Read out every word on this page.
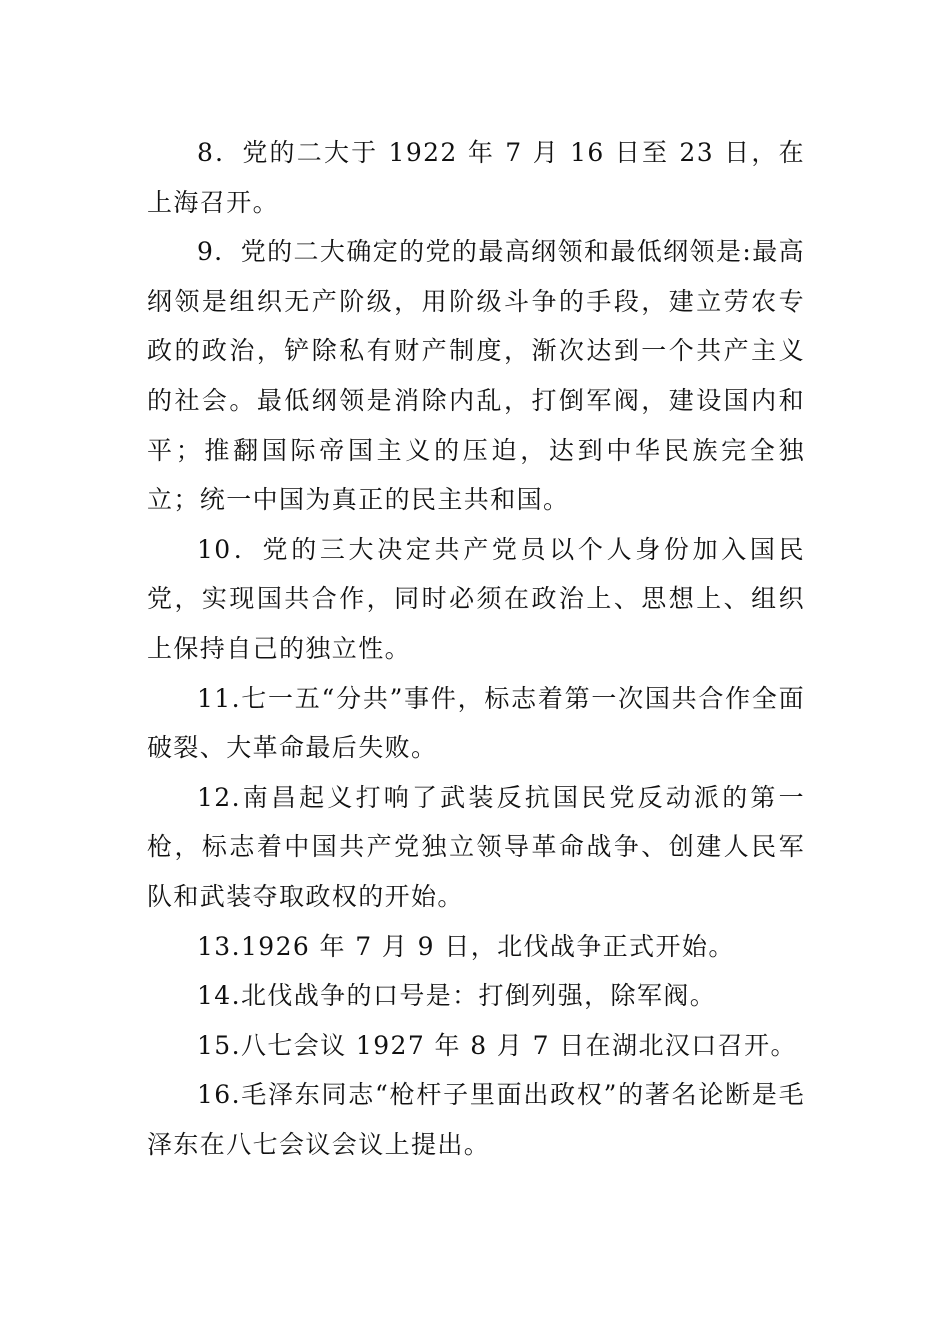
8．党的二大于 1922 年 7 月 16 日至 23 日，在上海召开。

9．党的二大确定的党的最高纲领和最低纲领是:最高纲领是组织无产阶级，用阶级斗争的手段，建立劳农专政的政治，铲除私有财产制度，渐次达到一个共产主义的社会。最低纲领是消除内乱，打倒军阀，建设国内和平；推翻国际帝国主义的压迫，达到中华民族完全独立；统一中国为真正的民主共和国。

10．党的三大决定共产党员以个人身份加入国民党，实现国共合作，同时必须在政治上、思想上、组织上保持自己的独立性。

11.七一五“分共”事件，标志着第一次国共合作全面破裂、大革命最后失败。

12.南昌起义打响了武装反抗国民党反动派的第一枪，标志着中国共产党独立领导革命战争、创建人民军队和武装夺取政权的开始。

13.1926 年 7 月 9 日，北伐战争正式开始。

14.北伐战争的口号是：打倒列强，除军阀。

15.八七会议 1927 年 8 月 7 日在湖北汉口召开。

16.毛泽东同志“枪杆子里面出政权”的著名论断是毛泽东在八七会议会议上提出。
